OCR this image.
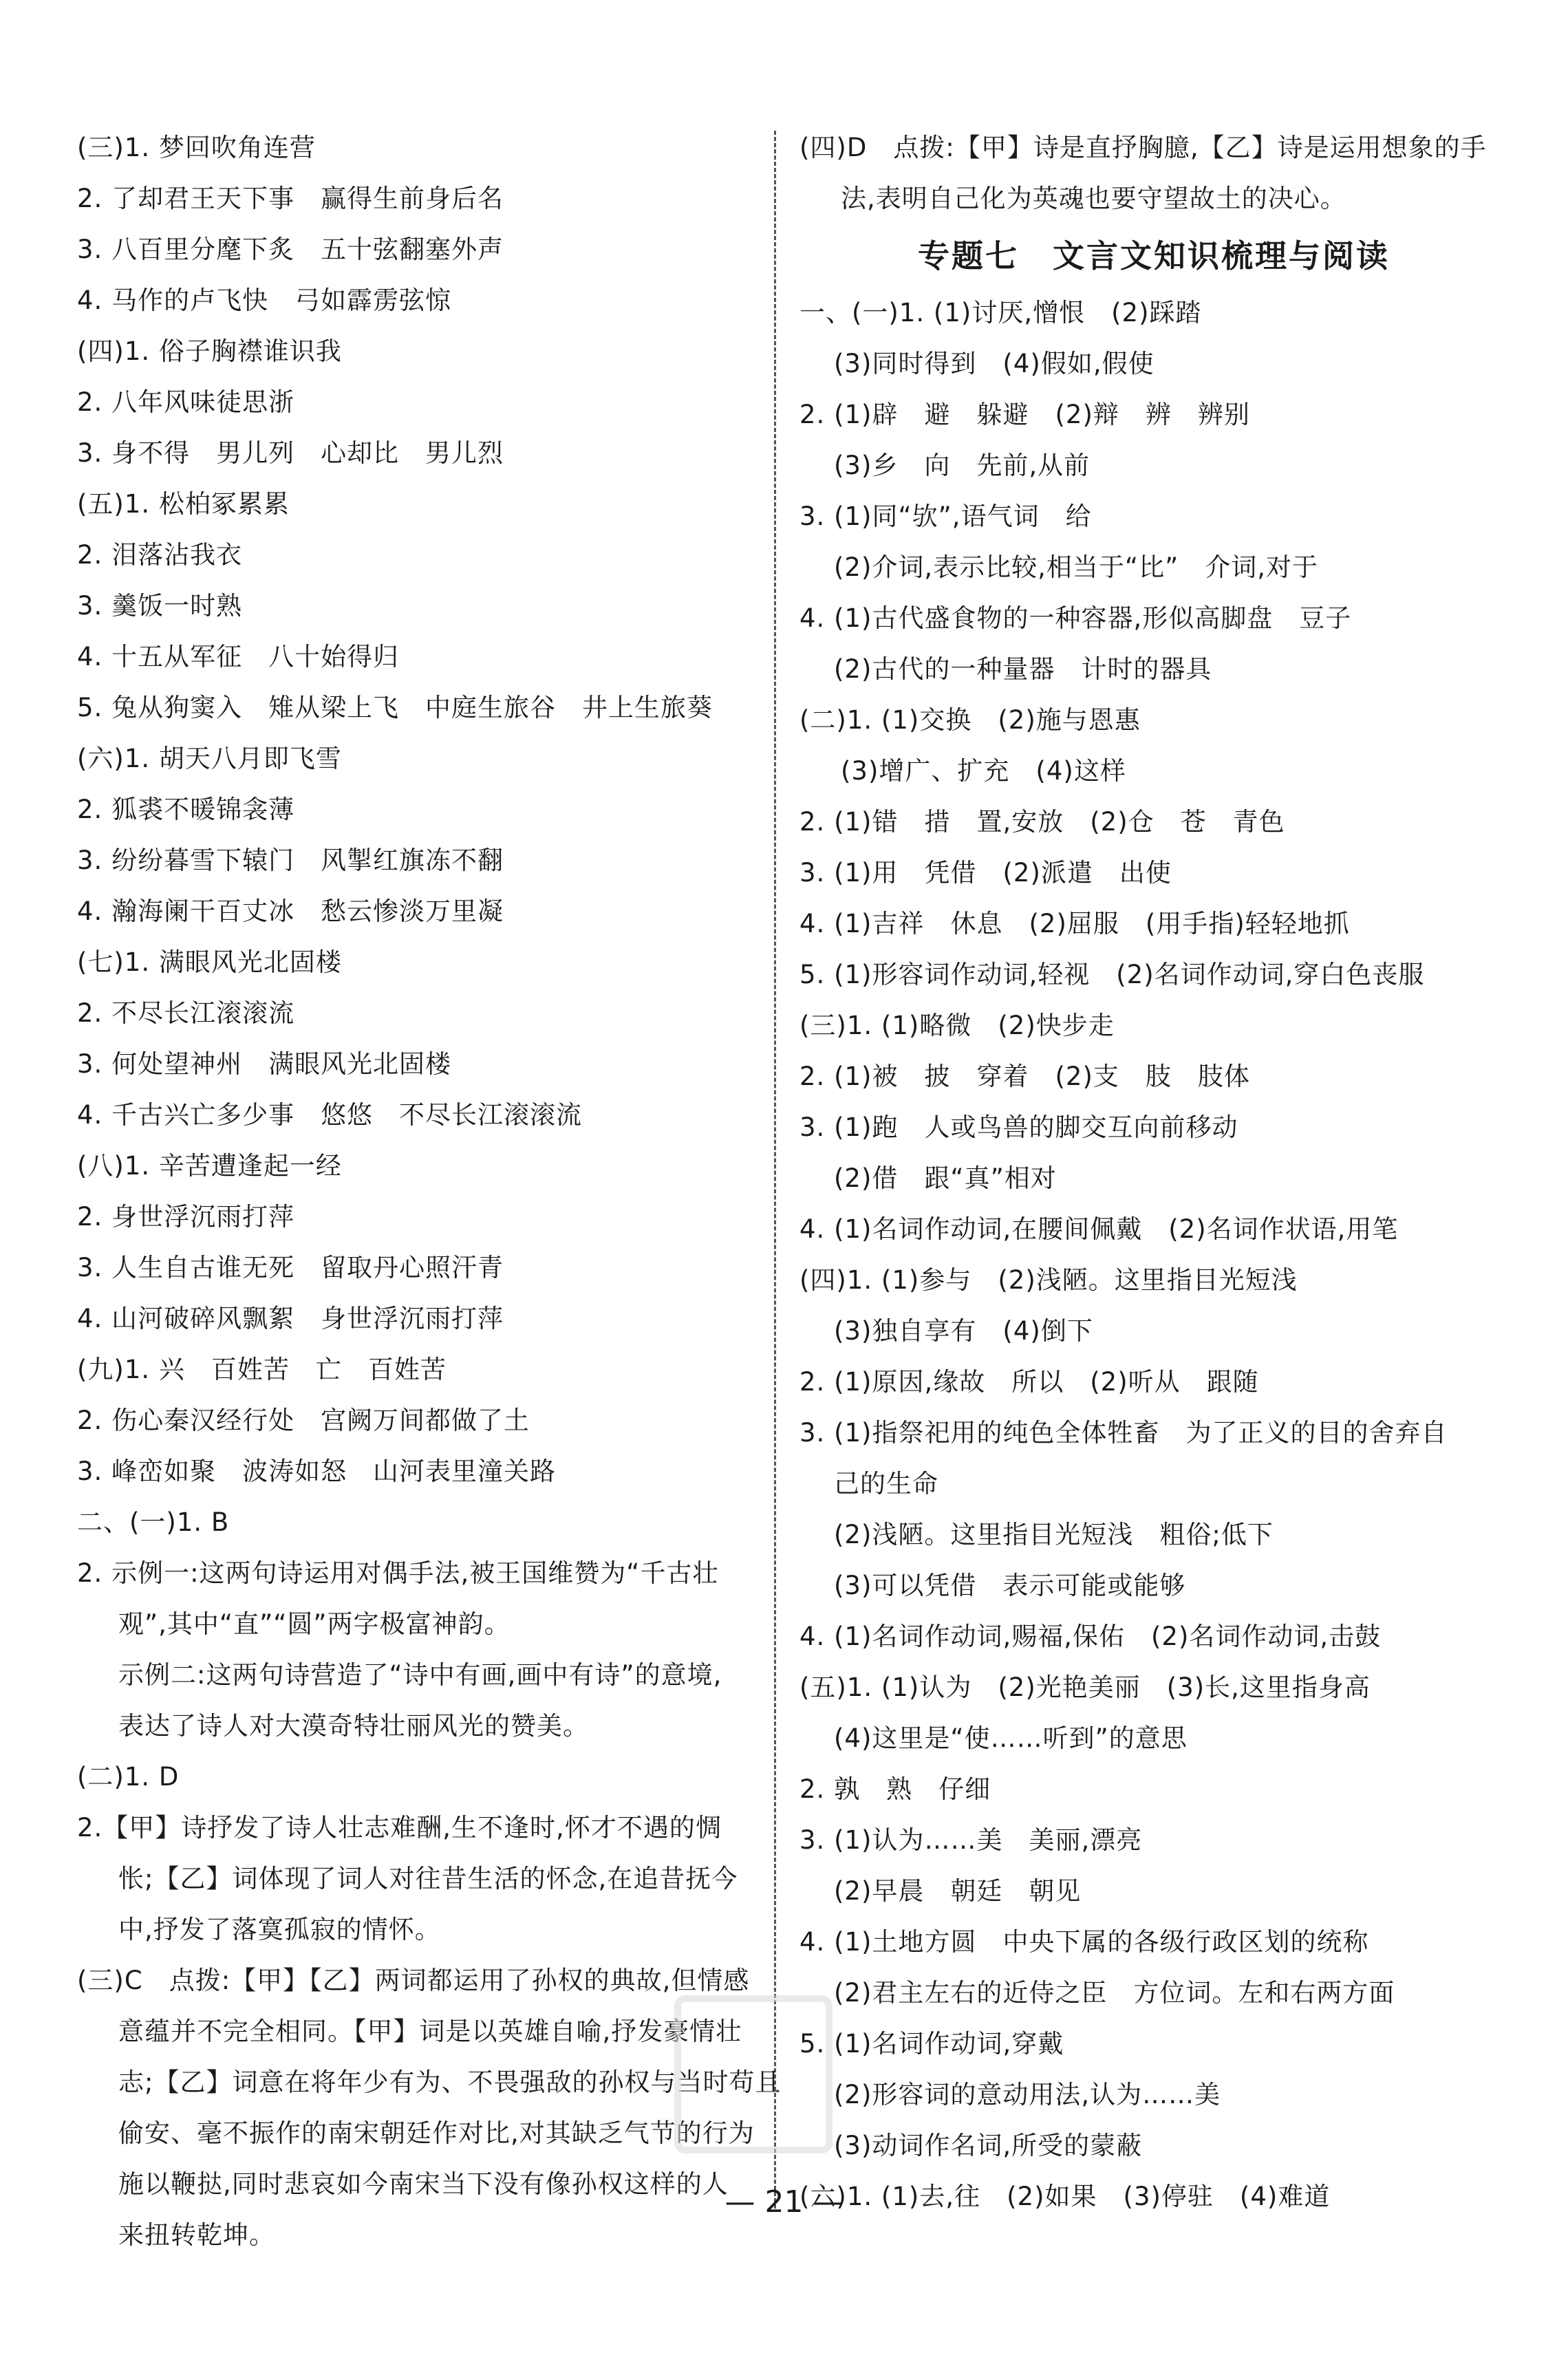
(三)1. 梦回吹角连营
2. 了却君王天下事　赢得生前身后名
3. 八百里分麾下炙　五十弦翻塞外声
4. 马作的卢飞快　弓如霹雳弦惊
(四)1. 俗子胸襟谁识我
2. 八年风味徒思浙
3. 身不得　男儿列　心却比　男儿烈
(五)1. 松柏冢累累
2. 泪落沾我衣
3. 羹饭一时熟
4. 十五从军征　八十始得归
5. 兔从狗窦入　雉从梁上飞　中庭生旅谷　井上生旅葵
(六)1. 胡天八月即飞雪
2. 狐裘不暖锦衾薄
3. 纷纷暮雪下辕门　风掣红旗冻不翻
4. 瀚海阑干百丈冰　愁云惨淡万里凝
(七)1. 满眼风光北固楼
2. 不尽长江滚滚流
3. 何处望神州　满眼风光北固楼
4. 千古兴亡多少事　悠悠　不尽长江滚滚流
(八)1. 辛苦遭逢起一经
2. 身世浮沉雨打萍
3. 人生自古谁无死　留取丹心照汗青
4. 山河破碎风飘絮　身世浮沉雨打萍
(九)1. 兴　百姓苦　亡　百姓苦
2. 伤心秦汉经行处　宫阙万间都做了土
3. 峰峦如聚　波涛如怒　山河表里潼关路
二、(一)1. B
2. 示例一:这两句诗运用对偶手法,被王国维赞为“千古壮
观”,其中“直”“圆”两字极富神韵。
示例二:这两句诗营造了“诗中有画,画中有诗”的意境,
表达了诗人对大漠奇特壮丽风光的赞美。
(二)1. D
2.【甲】诗抒发了诗人壮志难酬,生不逢时,怀才不遇的惆
怅;【乙】词体现了词人对往昔生活的怀念,在追昔抚今
中,抒发了落寞孤寂的情怀。
(三)C　点拨:【甲】【乙】两词都运用了孙权的典故,但情感
意蕴并不完全相同。【甲】词是以英雄自喻,抒发豪情壮
志;【乙】词意在将年少有为、不畏强敌的孙权与当时苟且
偷安、毫不振作的南宋朝廷作对比,对其缺乏气节的行为
施以鞭挞,同时悲哀如今南宋当下没有像孙权这样的人
来扭转乾坤。
(四)D　点拨:【甲】诗是直抒胸臆,【乙】诗是运用想象的手
法,表明自己化为英魂也要守望故土的决心。
专题七　文言文知识梳理与阅读
一、(一)1. (1)讨厌,憎恨　(2)踩踏
(3)同时得到　(4)假如,假使
2. (1)辟　避　躲避　(2)辩　辨　辨别
(3)乡　向　先前,从前
3. (1)同“欤”,语气词　给
(2)介词,表示比较,相当于“比”　介词,对于
4. (1)古代盛食物的一种容器,形似高脚盘　豆子
(2)古代的一种量器　计时的器具
(二)1. (1)交换　(2)施与恩惠
(3)增广、扩充　(4)这样
2. (1)错　措　置,安放　(2)仓　苍　青色
3. (1)用　凭借　(2)派遣　出使
4. (1)吉祥　休息　(2)屈服　(用手指)轻轻地抓
5. (1)形容词作动词,轻视　(2)名词作动词,穿白色丧服
(三)1. (1)略微　(2)快步走
2. (1)被　披　穿着　(2)支　肢　肢体
3. (1)跑　人或鸟兽的脚交互向前移动
(2)借　跟“真”相对
4. (1)名词作动词,在腰间佩戴　(2)名词作状语,用笔
(四)1. (1)参与　(2)浅陋。这里指目光短浅
(3)独自享有　(4)倒下
2. (1)原因,缘故　所以　(2)听从　跟随
3. (1)指祭祀用的纯色全体牲畜　为了正义的目的舍弃自
己的生命
(2)浅陋。这里指目光短浅　粗俗;低下
(3)可以凭借　表示可能或能够
4. (1)名词作动词,赐福,保佑　(2)名词作动词,击鼓
(五)1. (1)认为　(2)光艳美丽　(3)长,这里指身高
(4)这里是“使……听到”的意思
2. 孰　熟　仔细
3. (1)认为……美　美丽,漂亮
(2)早晨　朝廷　朝见
4. (1)土地方圆　中央下属的各级行政区划的统称
(2)君主左右的近侍之臣　方位词。左和右两方面
5. (1)名词作动词,穿戴
(2)形容词的意动用法,认为……美
(3)动词作名词,所受的蒙蔽
(六)1. (1)去,往　(2)如果　(3)停驻　(4)难道
— 21 —
